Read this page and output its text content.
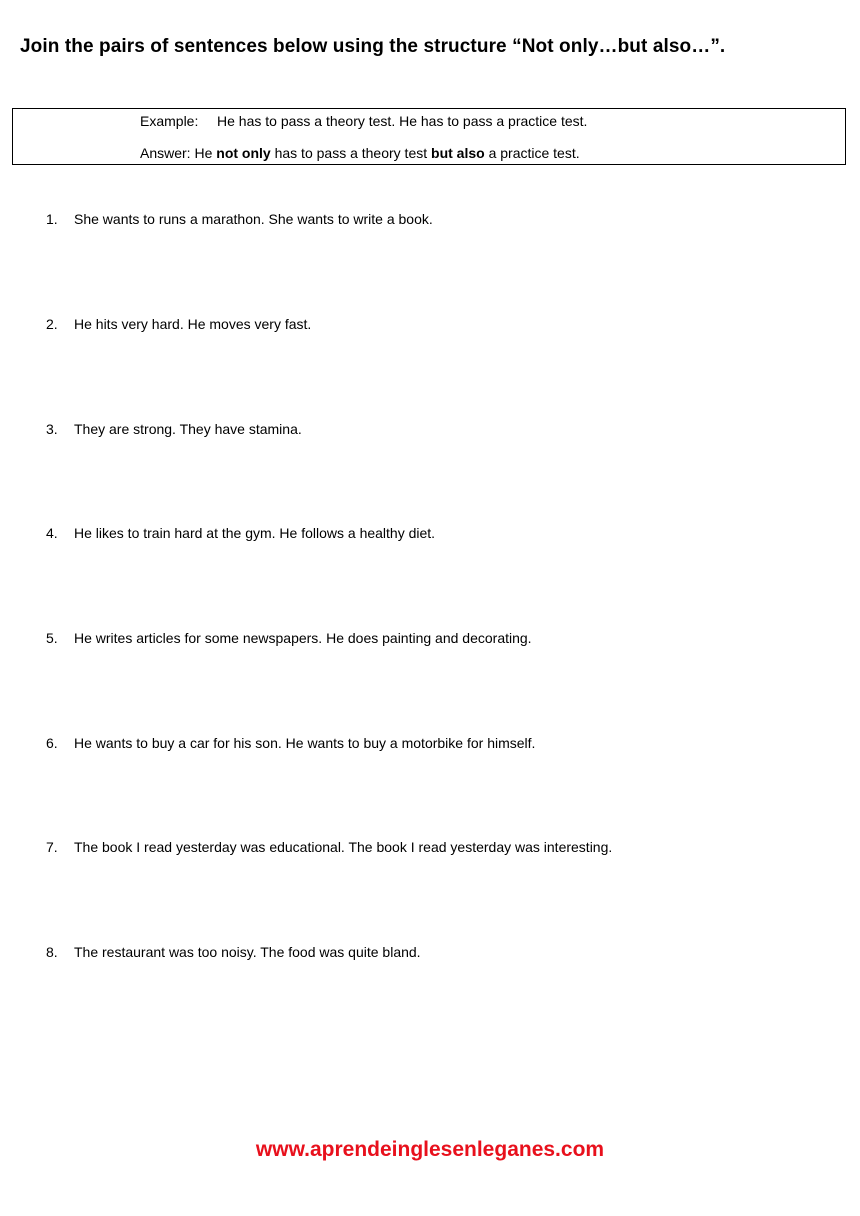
Join the pairs of sentences below using the structure “Not only…but also…”.
Example: He has to pass a theory test. He has to pass a practice test.
Answer: He not only has to pass a theory test but also a practice test.
1. She wants to runs a marathon. She wants to write a book.
2. He hits very hard. He moves very fast.
3. They are strong. They have stamina.
4. He likes to train hard at the gym. He follows a healthy diet.
5. He writes articles for some newspapers. He does painting and decorating.
6. He wants to buy a car for his son. He wants to buy a motorbike for himself.
7. The book I read yesterday was educational. The book I read yesterday was interesting.
8. The restaurant was too noisy. The food was quite bland.
www.aprendeinglesenleganes.com
